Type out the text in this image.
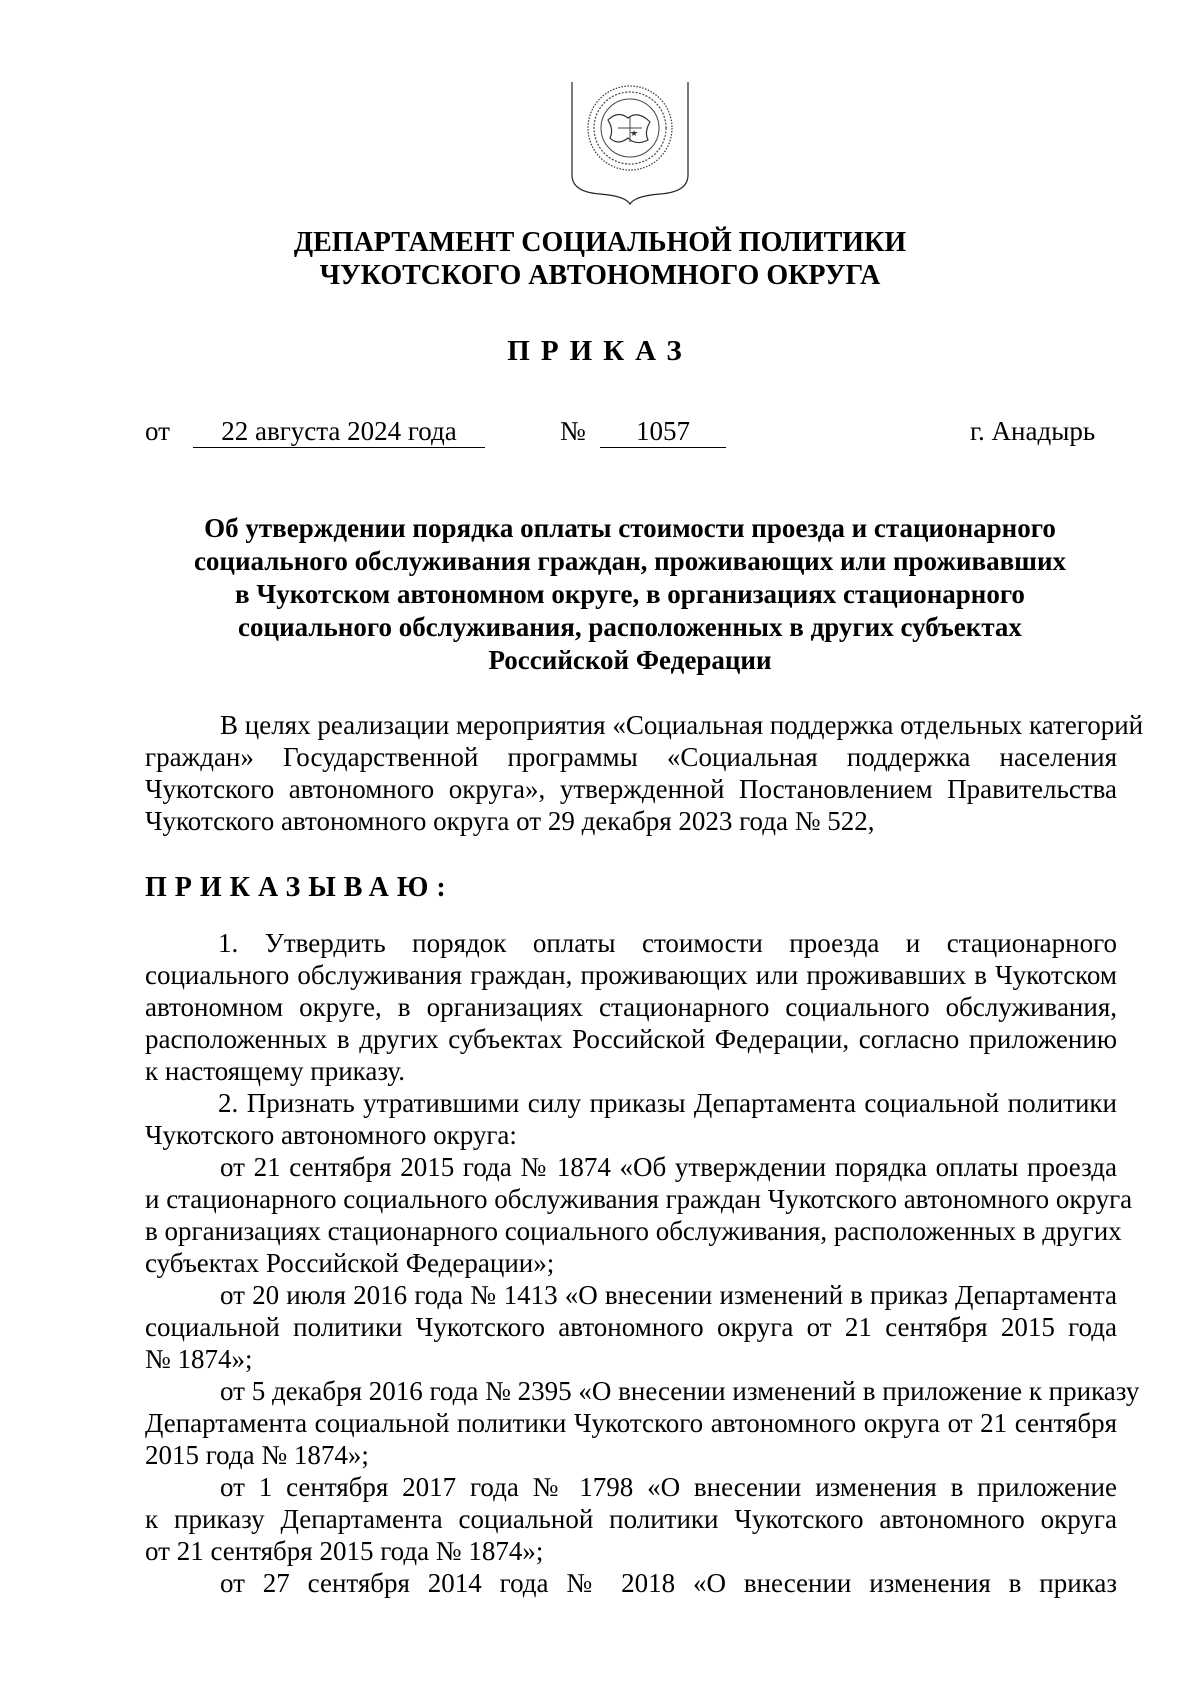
ДЕПАРТАМЕНТ СОЦИАЛЬНОЙ ПОЛИТИКИ
ЧУКОТСКОГО АВТОНОМНОГО ОКРУГА
ПРИКАЗ
от	22 августа 2024 года	№	1057	г. Анадырь
Об утверждении порядка оплаты стоимости проезда и стационарного
социального обслуживания граждан, проживающих или проживавших
в Чукотском автономном округе, в организациях стационарного
социального обслуживания, расположенных в других субъектах
Российской Федерации
В целях реализации мероприятия «Социальная поддержка отдельных категорий
граждан» Государственной программы «Социальная поддержка населения
Чукотского автономного округа», утвержденной Постановлением Правительства
Чукотского автономного округа от 29 декабря 2023 года № 522,
ПРИКАЗЫВАЮ:
1. Утвердить порядок оплаты стоимости проезда и стационарного
социального обслуживания граждан, проживающих или проживавших в Чукотском
автономном округе, в организациях стационарного социального обслуживания,
расположенных в других субъектах Российской Федерации, согласно приложению
к настоящему приказу.
2. Признать утратившими силу приказы Департамента социальной политики
Чукотского автономного округа:
от 21 сентября 2015 года № 1874 «Об утверждении порядка оплаты проезда
и стационарного социального обслуживания граждан Чукотского автономного округа
в организациях стационарного социального обслуживания, расположенных в других
субъектах Российской Федерации»;
от 20 июля 2016 года № 1413 «О внесении изменений в приказ Департамента
социальной политики Чукотского автономного округа от 21 сентября 2015 года
№ 1874»;
от 5 декабря 2016 года № 2395 «О внесении изменений в приложение к приказу
Департамента социальной политики Чукотского автономного округа от 21 сентября
2015 года № 1874»;
от 1 сентября 2017 года № 1798 «О внесении изменения в приложение
к приказу Департамента социальной политики Чукотского автономного округа
от 21 сентября 2015 года № 1874»;
от 27 сентября 2014 года № 2018 «О внесении изменения в приказ
